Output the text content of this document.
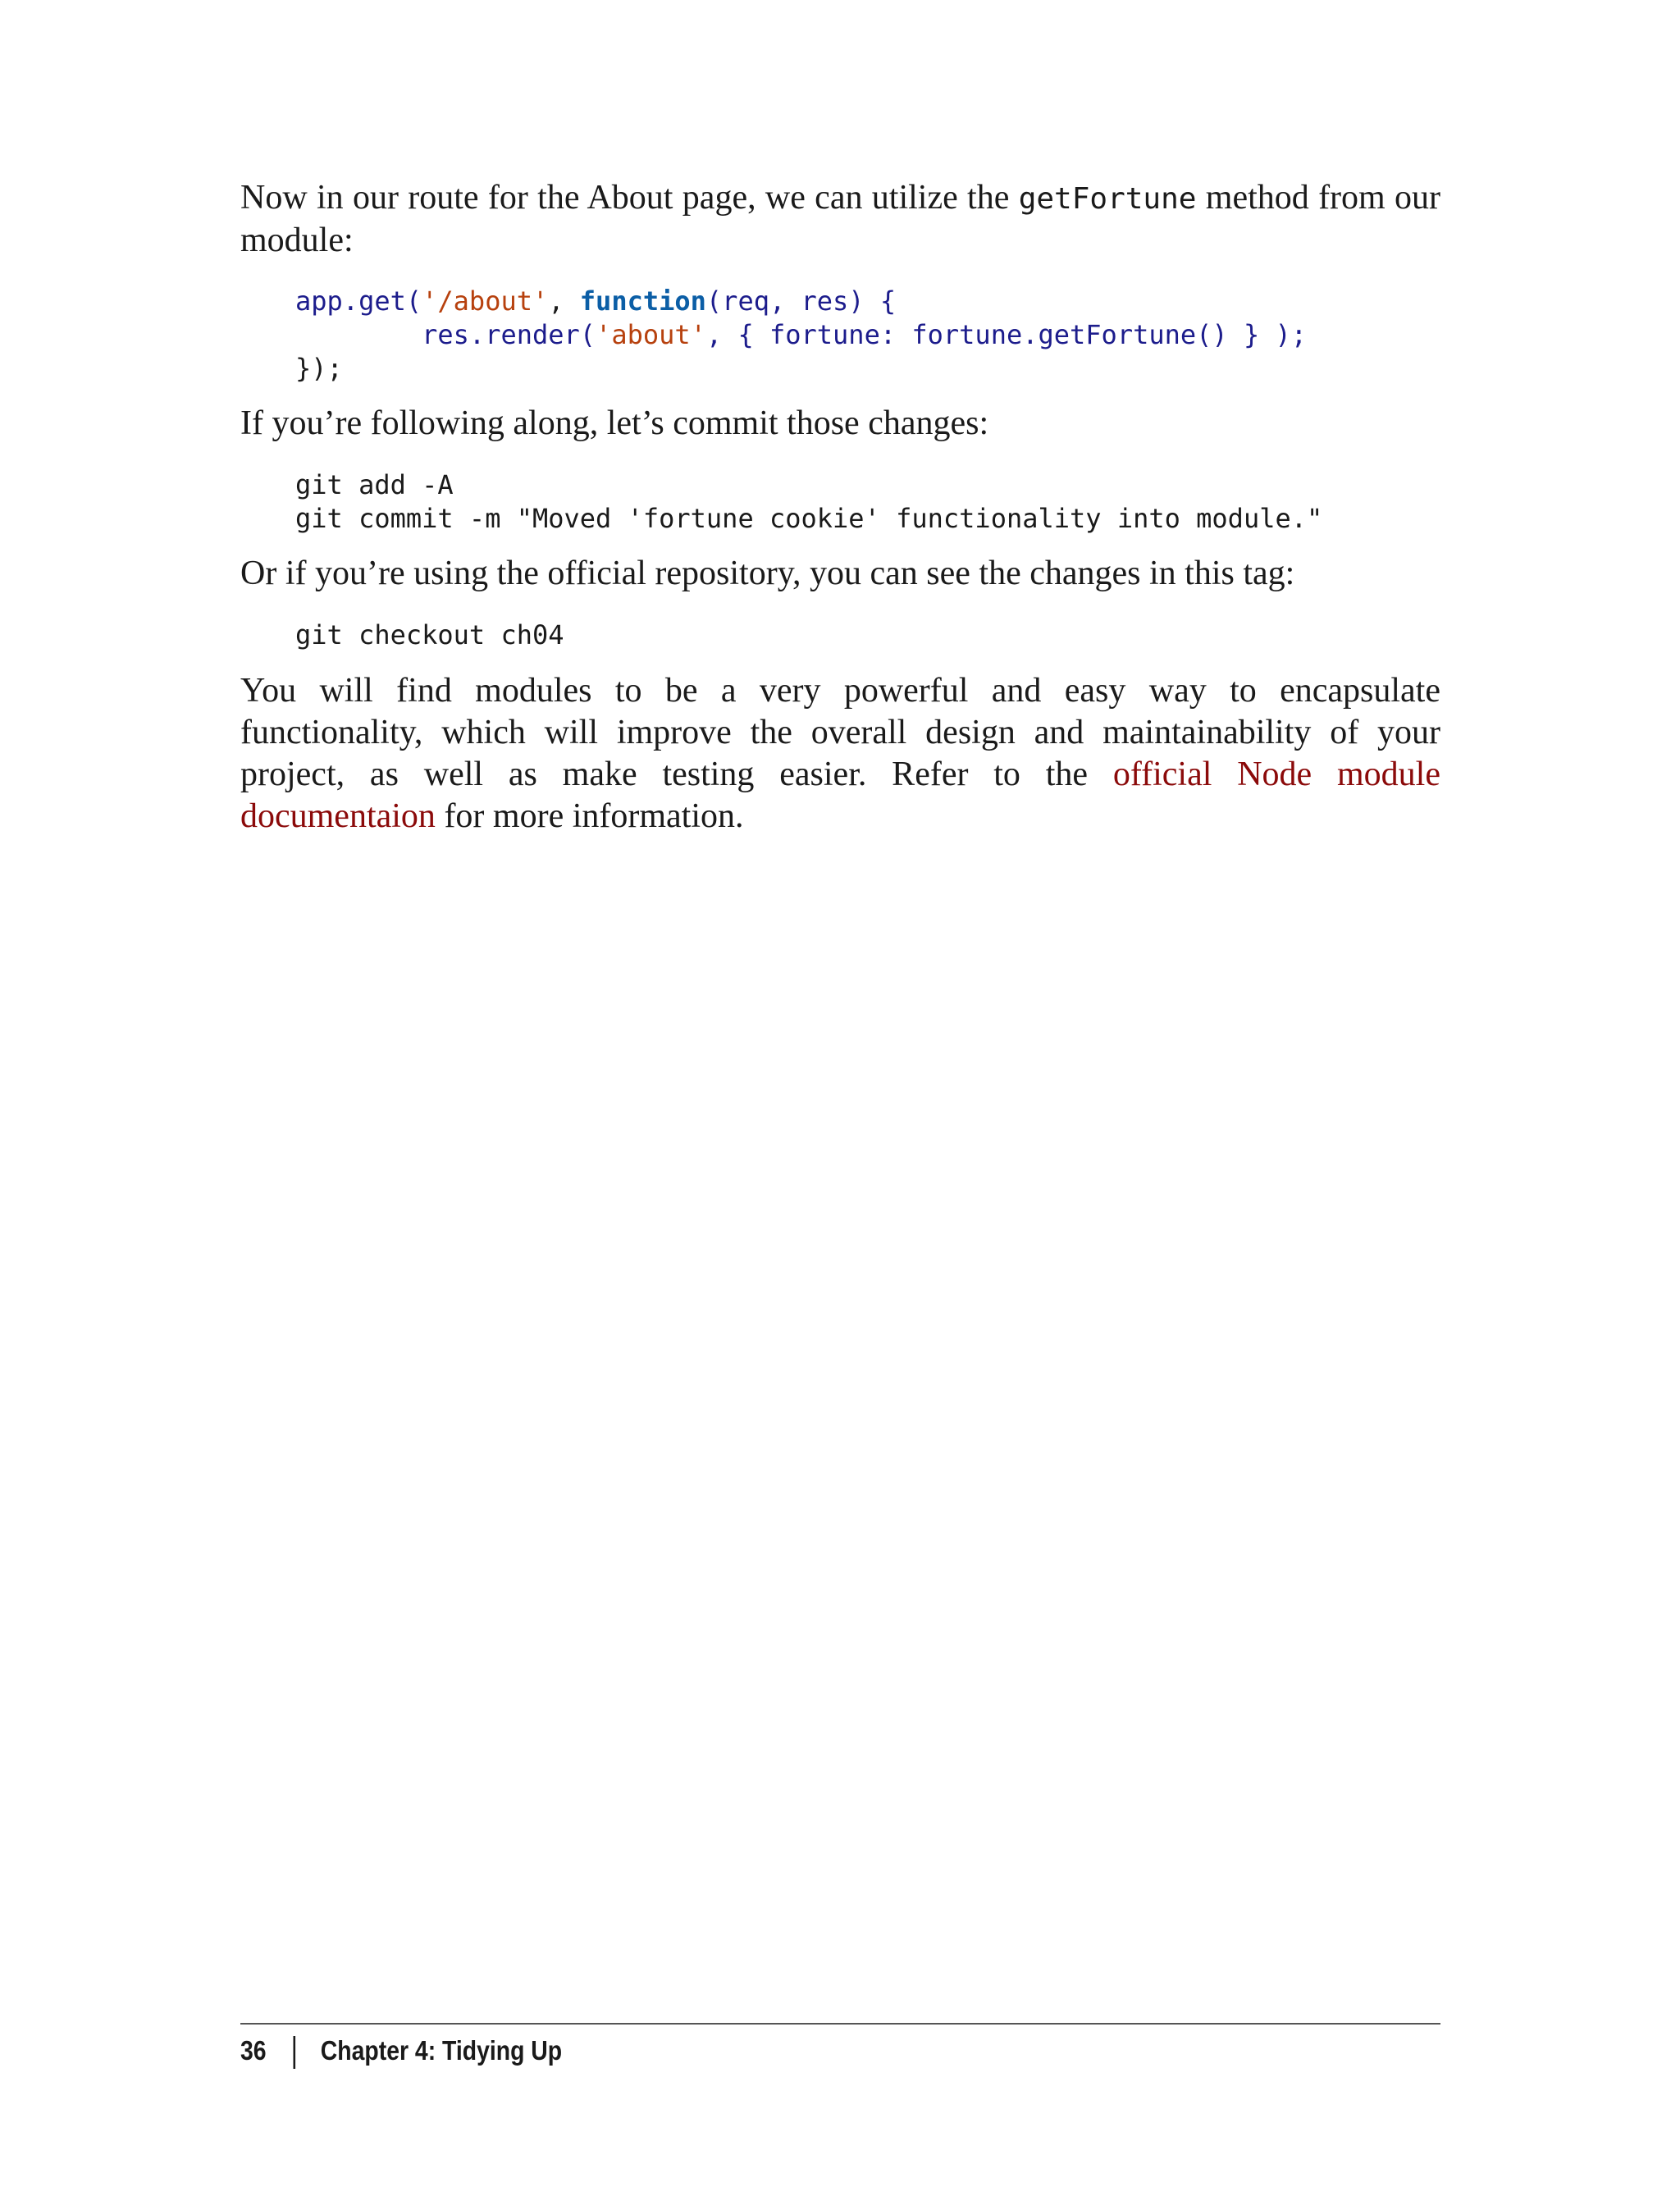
Now in our route for the About page, we can utilize the getFortune method from our module:

app.get('/about', function(req, res) {
res.render('about', { fortune: fortune.getFortune() } );
});

If you’re following along, let’s commit those changes:

git add -A
git commit -m "Moved 'fortune cookie' functionality into module."

Or if you’re using the official repository, you can see the changes in this tag:

git checkout ch04

You will find modules to be a very powerful and easy way to encapsulate functionality, which will improve the overall design and maintainability of your project, as well as make testing easier. Refer to the official Node module documentaion for more information.

36 Chapter 4: Tidying Up
